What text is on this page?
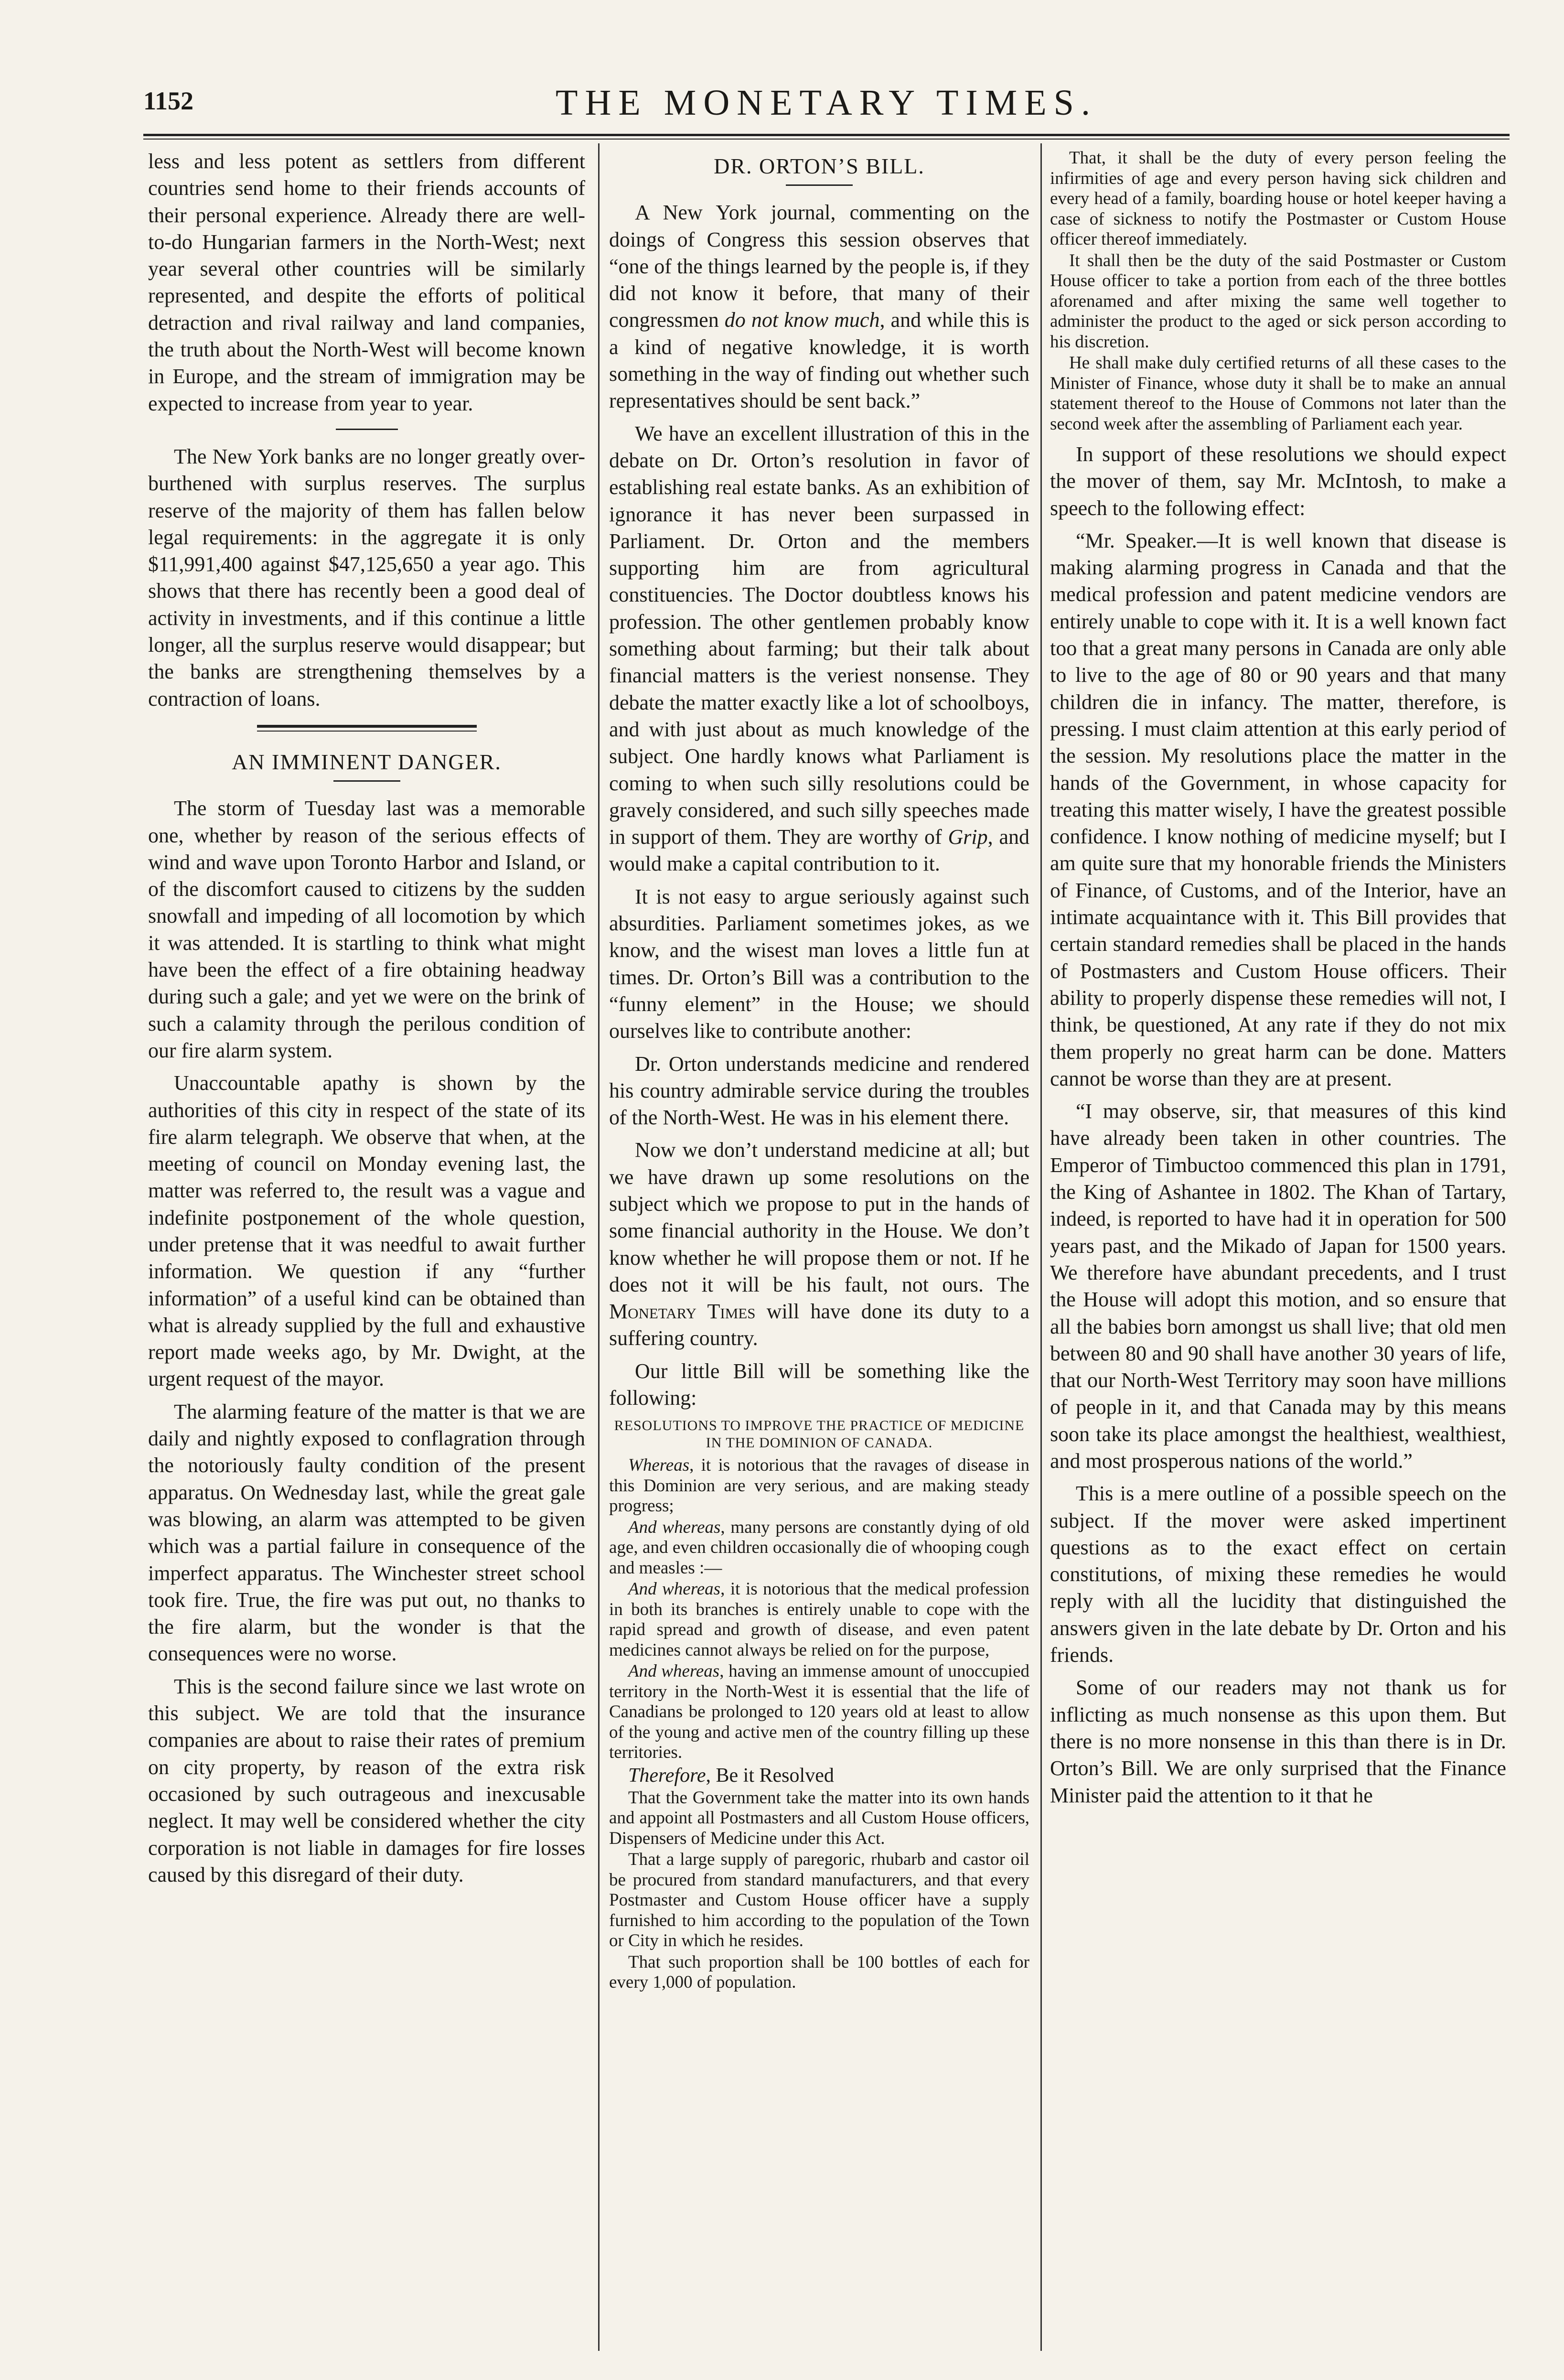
1152	THE MONETARY TIMES.

less and less potent as settlers from different countries send home to their friends accounts of their personal experience. Already there are well-to-do Hungarian farmers in the North-West; next year several other countries will be similarly represented, and despite the efforts of political detraction and rival railway and land companies, the truth about the North-West will become known in Europe, and the stream of immigration may be expected to increase from year to year.

The New York banks are no longer greatly over-burthened with surplus reserves. The surplus reserve of the majority of them has fallen below legal requirements: in the aggregate it is only $11,991,400 against $47,125,650 a year ago. This shows that there has recently been a good deal of activity in investments, and if this continue a little longer, all the surplus reserve would disappear; but the banks are strengthening themselves by a contraction of loans.

AN IMMINENT DANGER.

The storm of Tuesday last was a memorable one, whether by reason of the serious effects of wind and wave upon Toronto Harbor and Island, or of the discomfort caused to citizens by the sudden snowfall and impeding of all locomotion by which it was attended. It is startling to think what might have been the effect of a fire obtaining headway during such a gale; and yet we were on the brink of such a calamity through the perilous condition of our fire alarm system.

Unaccountable apathy is shown by the authorities of this city in respect of the state of its fire alarm telegraph. We observe that when, at the meeting of council on Monday evening last, the matter was referred to, the result was a vague and indefinite postponement of the whole question, under pretense that it was needful to await further information. We question if any “further information” of a useful kind can be obtained than what is already supplied by the full and exhaustive report made weeks ago, by Mr. Dwight, at the urgent request of the mayor.

The alarming feature of the matter is that we are daily and nightly exposed to conflagration through the notoriously faulty condition of the present apparatus. On Wednesday last, while the great gale was blowing, an alarm was attempted to be given which was a partial failure in consequence of the imperfect apparatus. The Winchester street school took fire. True, the fire was put out, no thanks to the fire alarm, but the wonder is that the consequences were no worse.

This is the second failure since we last wrote on this subject. We are told that the insurance companies are about to raise their rates of premium on city property, by reason of the extra risk occasioned by such outrageous and inexcusable neglect. It may well be considered whether the city corporation is not liable in damages for fire losses caused by this disregard of their duty.

DR. ORTON’S BILL.

A New York journal, commenting on the doings of Congress this session observes that “one of the things learned by the people is, if they did not know it before, that many of their congressmen do not know much, and while this is a kind of negative knowledge, it is worth something in the way of finding out whether such representatives should be sent back.”

We have an excellent illustration of this in the debate on Dr. Orton’s resolution in favor of establishing real estate banks. As an exhibition of ignorance it has never been surpassed in Parliament. Dr. Orton and the members supporting him are from agricultural constituencies. The Doctor doubtless knows his profession. The other gentlemen probably know something about farming; but their talk about financial matters is the veriest nonsense. They debate the matter exactly like a lot of schoolboys, and with just about as much knowledge of the subject. One hardly knows what Parliament is coming to when such silly resolutions could be gravely considered, and such silly speeches made in support of them. They are worthy of Grip, and would make a capital contribution to it.

It is not easy to argue seriously against such absurdities. Parliament sometimes jokes, as we know, and the wisest man loves a little fun at times. Dr. Orton’s Bill was a contribution to the “funny element” in the House; we should ourselves like to contribute another:

Dr. Orton understands medicine and rendered his country admirable service during the troubles of the North-West. He was in his element there.

Now we don’t understand medicine at all; but we have drawn up some resolutions on the subject which we propose to put in the hands of some financial authority in the House. We don’t know whether he will propose them or not. If he does not it will be his fault, not ours. The Monetary Times will have done its duty to a suffering country.

Our little Bill will be something like the following:

RESOLUTIONS TO IMPROVE THE PRACTICE OF MEDICINE IN THE DOMINION OF CANADA.

Whereas, it is notorious that the ravages of disease in this Dominion are very serious, and are making steady progress;

And whereas, many persons are constantly dying of old age, and even children occasionally die of whooping cough and measles :—

And whereas, it is notorious that the medical profession in both its branches is entirely unable to cope with the rapid spread and growth of disease, and even patent medicines cannot always be relied on for the purpose,

And whereas, having an immense amount of unoccupied territory in the North-West it is essential that the life of Canadians be prolonged to 120 years old at least to allow of the young and active men of the country filling up these territories.

Therefore, Be it Resolved

That the Government take the matter into its own hands and appoint all Postmasters and all Custom House officers, Dispensers of Medicine under this Act.

That a large supply of paregoric, rhubarb and castor oil be procured from standard manufacturers, and that every Postmaster and Custom House officer have a supply furnished to him according to the population of the Town or City in which he resides.

That such proportion shall be 100 bottles of each for every 1,000 of population.

That, it shall be the duty of every person feeling the infirmities of age and every person having sick children and every head of a family, boarding house or hotel keeper having a case of sickness to notify the Postmaster or Custom House officer thereof immediately.

It shall then be the duty of the said Postmaster or Custom House officer to take a portion from each of the three bottles aforenamed and after mixing the same well together to administer the product to the aged or sick person according to his discretion.

He shall make duly certified returns of all these cases to the Minister of Finance, whose duty it shall be to make an annual statement thereof to the House of Commons not later than the second week after the assembling of Parliament each year.

In support of these resolutions we should expect the mover of them, say Mr. McIntosh, to make a speech to the following effect:

“Mr. Speaker.—It is well known that disease is making alarming progress in Canada and that the medical profession and patent medicine vendors are entirely unable to cope with it. It is a well known fact too that a great many persons in Canada are only able to live to the age of 80 or 90 years and that many children die in infancy. The matter, therefore, is pressing. I must claim attention at this early period of the session. My resolutions place the matter in the hands of the Government, in whose capacity for treating this matter wisely, I have the greatest possible confidence. I know nothing of medicine myself; but I am quite sure that my honorable friends the Ministers of Finance, of Customs, and of the Interior, have an intimate acquaintance with it. This Bill provides that certain standard remedies shall be placed in the hands of Postmasters and Custom House officers. Their ability to properly dispense these remedies will not, I think, be questioned, At any rate if they do not mix them properly no great harm can be done. Matters cannot be worse than they are at present.

“I may observe, sir, that measures of this kind have already been taken in other countries. The Emperor of Timbuctoo commenced this plan in 1791, the King of Ashantee in 1802. The Khan of Tartary, indeed, is reported to have had it in operation for 500 years past, and the Mikado of Japan for 1500 years. We therefore have abundant precedents, and I trust the House will adopt this motion, and so ensure that all the babies born amongst us shall live; that old men between 80 and 90 shall have another 30 years of life, that our North-West Territory may soon have millions of people in it, and that Canada may by this means soon take its place amongst the healthiest, wealthiest, and most prosperous nations of the world.”

This is a mere outline of a possible speech on the subject. If the mover were asked impertinent questions as to the exact effect on certain constitutions, of mixing these remedies he would reply with all the lucidity that distinguished the answers given in the late debate by Dr. Orton and his friends.

Some of our readers may not thank us for inflicting as much nonsense as this upon them. But there is no more nonsense in this than there is in Dr. Orton’s Bill. We are only surprised that the Finance Minister paid the attention to it that he
